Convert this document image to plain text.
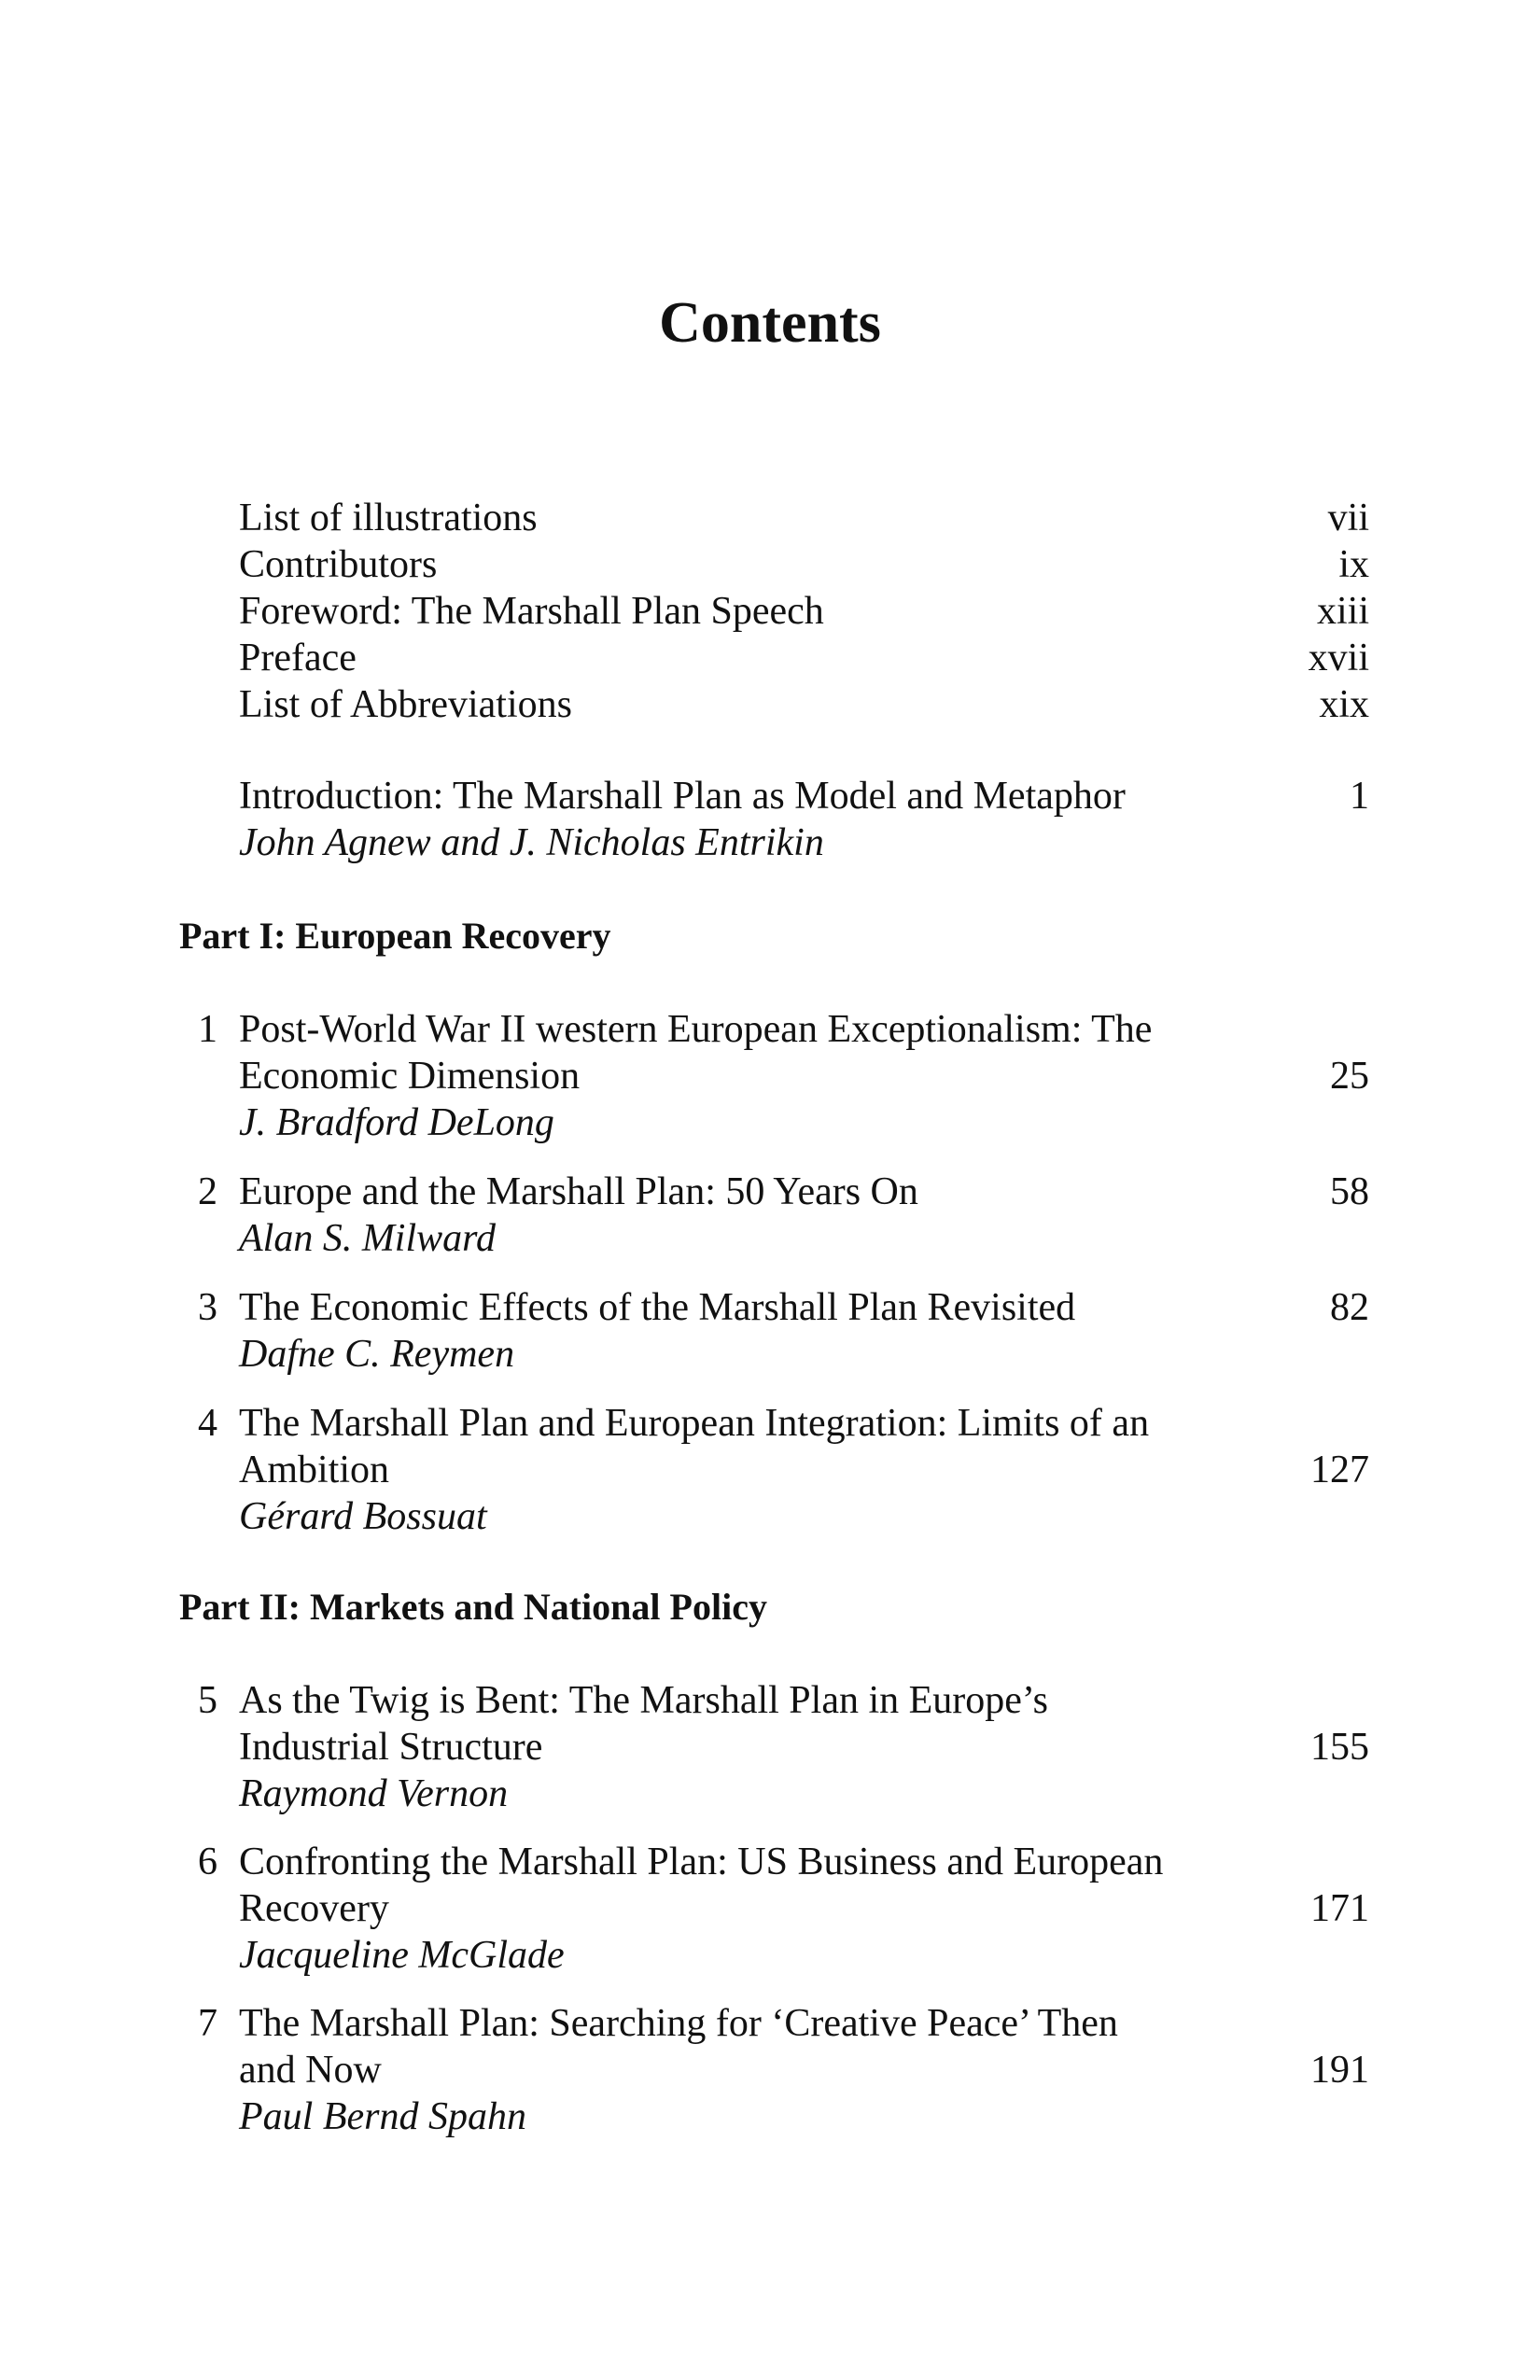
Contents
List of illustrations	vii
Contributors	ix
Foreword: The Marshall Plan Speech	xiii
Preface	xvii
List of Abbreviations	xix
Introduction: The Marshall Plan as Model and Metaphor	1
John Agnew and J. Nicholas Entrikin
Part I: European Recovery
1 Post-World War II western European Exceptionalism: The
Economic Dimension	25
J. Bradford DeLong
2 Europe and the Marshall Plan: 50 Years On	58
Alan S. Milward
3 The Economic Effects of the Marshall Plan Revisited	82
Dafne C. Reymen
4 The Marshall Plan and European Integration: Limits of an
Ambition	127
Gérard Bossuat
Part II: Markets and National Policy
5 As the Twig is Bent: The Marshall Plan in Europe’s
Industrial Structure	155
Raymond Vernon
6 Confronting the Marshall Plan: US Business and European
Recovery	171
Jacqueline McGlade
7 The Marshall Plan: Searching for ‘Creative Peace’ Then
and Now	191
Paul Bernd Spahn
